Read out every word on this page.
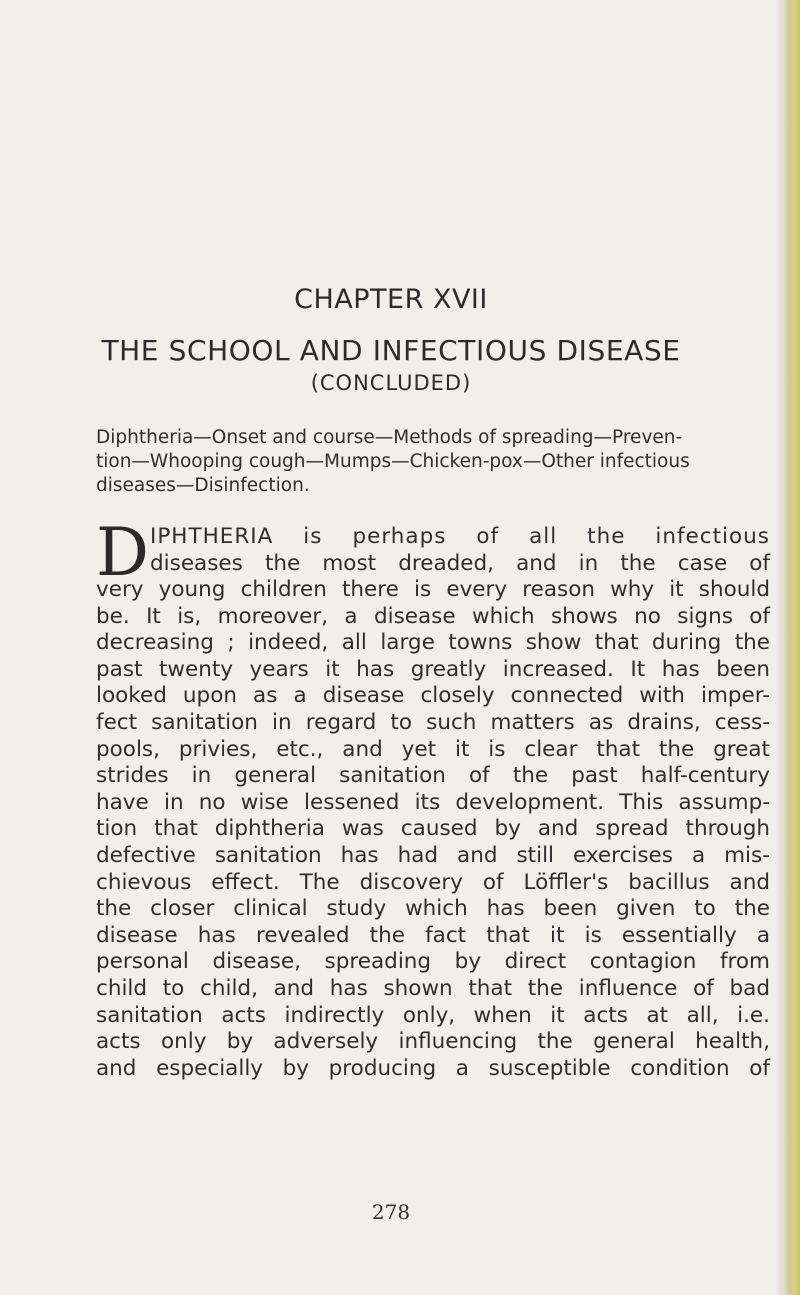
CHAPTER XVII
THE SCHOOL AND INFECTIOUS DISEASE
(CONCLUDED)
Diphtheria—Onset and course—Methods of spreading—Preven-
tion—Whooping cough—Mumps—Chicken-pox—Other infectious
diseases—Disinfection.
D IPHTHERIA is perhaps of all the infectious
diseases the most dreaded, and in the case of
very young children there is every reason why it should
be. It is, moreover, a disease which shows no signs of
decreasing ; indeed, all large towns show that during the
past twenty years it has greatly increased. It has been
looked upon as a disease closely connected with imper-
fect sanitation in regard to such matters as drains, cess-
pools, privies, etc., and yet it is clear that the great
strides in general sanitation of the past half-century
have in no wise lessened its development. This assump-
tion that diphtheria was caused by and spread through
defective sanitation has had and still exercises a mis-
chievous effect. The discovery of Löffler's bacillus and
the closer clinical study which has been given to the
disease has revealed the fact that it is essentially a
personal disease, spreading by direct contagion from
child to child, and has shown that the influence of bad
sanitation acts indirectly only, when it acts at all, i.e.
acts only by adversely influencing the general health,
and especially by producing a susceptible condition of
278
